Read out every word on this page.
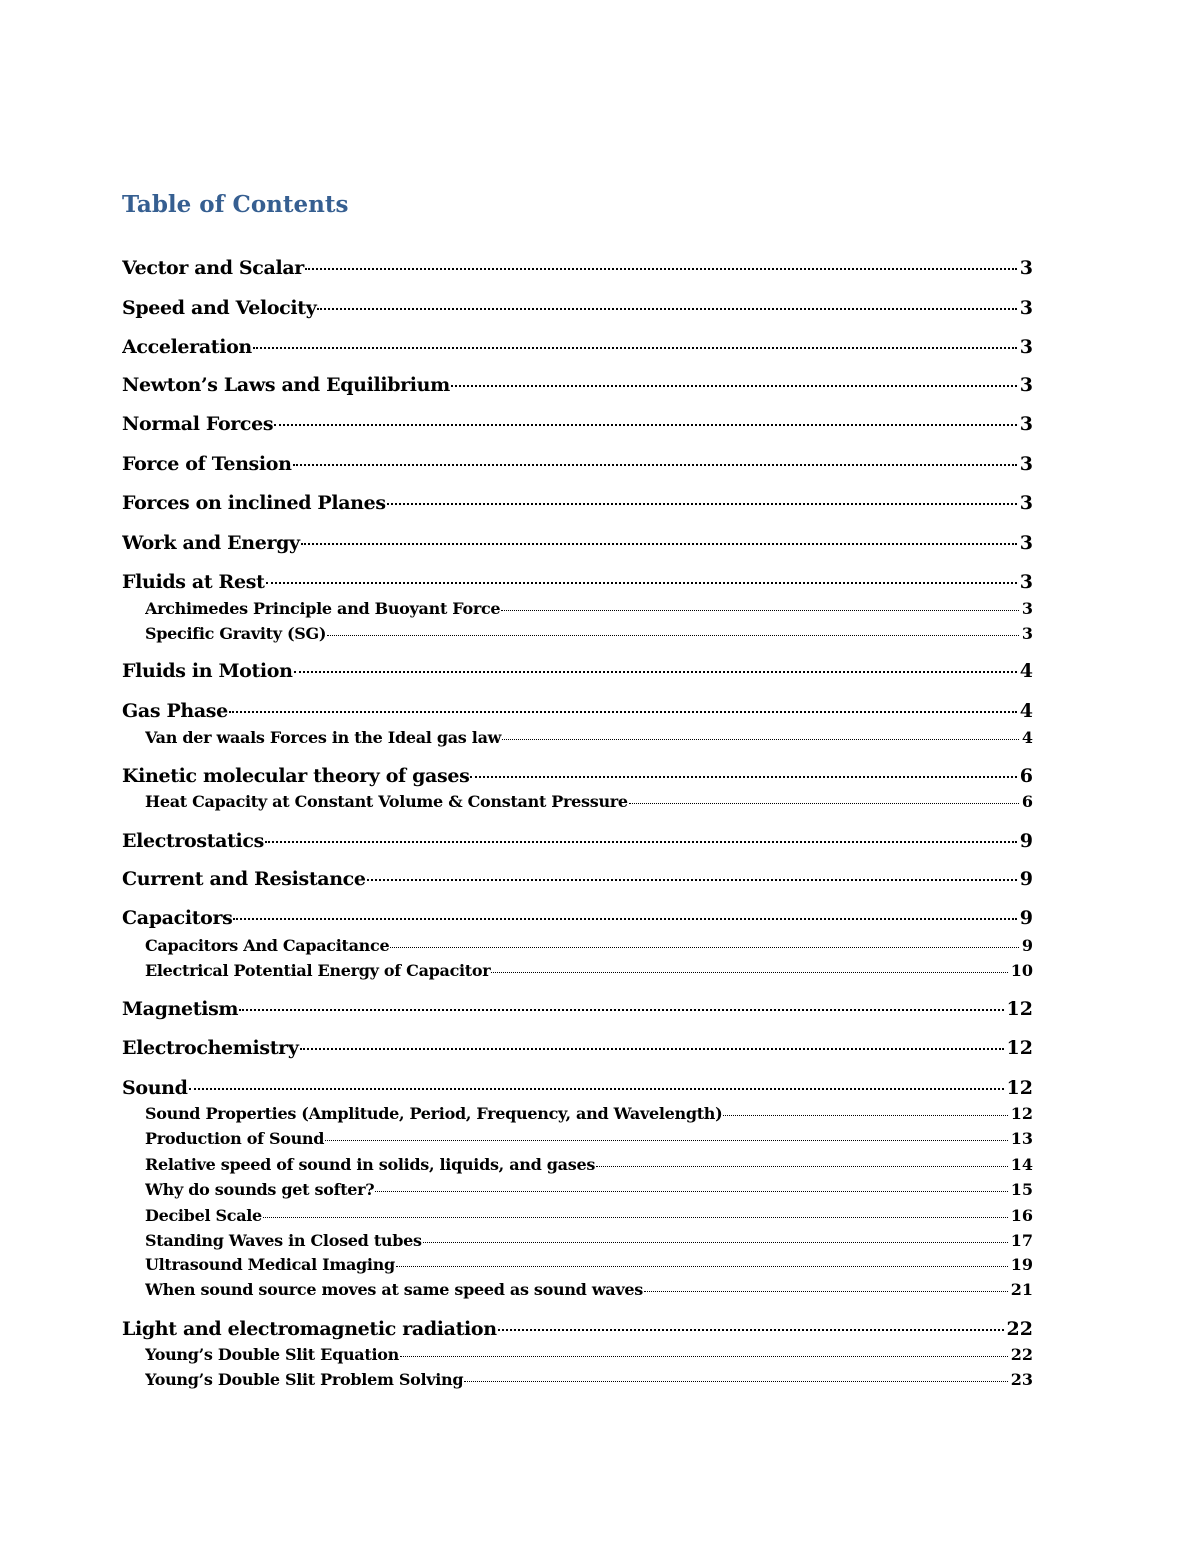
Table of Contents
Vector and Scalar	3
Speed and Velocity	3
Acceleration	3
Newton’s Laws and Equilibrium	3
Normal Forces	3
Force of Tension	3
Forces on inclined Planes	3
Work and Energy	3
Fluids at Rest	3
Archimedes Principle and Buoyant Force	3
Specific Gravity (SG)	3
Fluids in Motion	4
Gas Phase	4
Van der waals Forces in the Ideal gas law	4
Kinetic molecular theory of gases	6
Heat Capacity at Constant Volume & Constant Pressure	6
Electrostatics	9
Current and Resistance	9
Capacitors	9
Capacitors And Capacitance	9
Electrical Potential Energy of Capacitor	10
Magnetism	12
Electrochemistry	12
Sound	12
Sound Properties (Amplitude, Period, Frequency, and Wavelength)	12
Production of Sound	13
Relative speed of sound in solids, liquids, and gases	14
Why do sounds get softer?	15
Decibel Scale	16
Standing Waves in Closed tubes	17
Ultrasound Medical Imaging	19
When sound source moves at same speed as sound waves	21
Light and electromagnetic radiation	22
Young’s Double Slit Equation	22
Young’s Double Slit Problem Solving	23
